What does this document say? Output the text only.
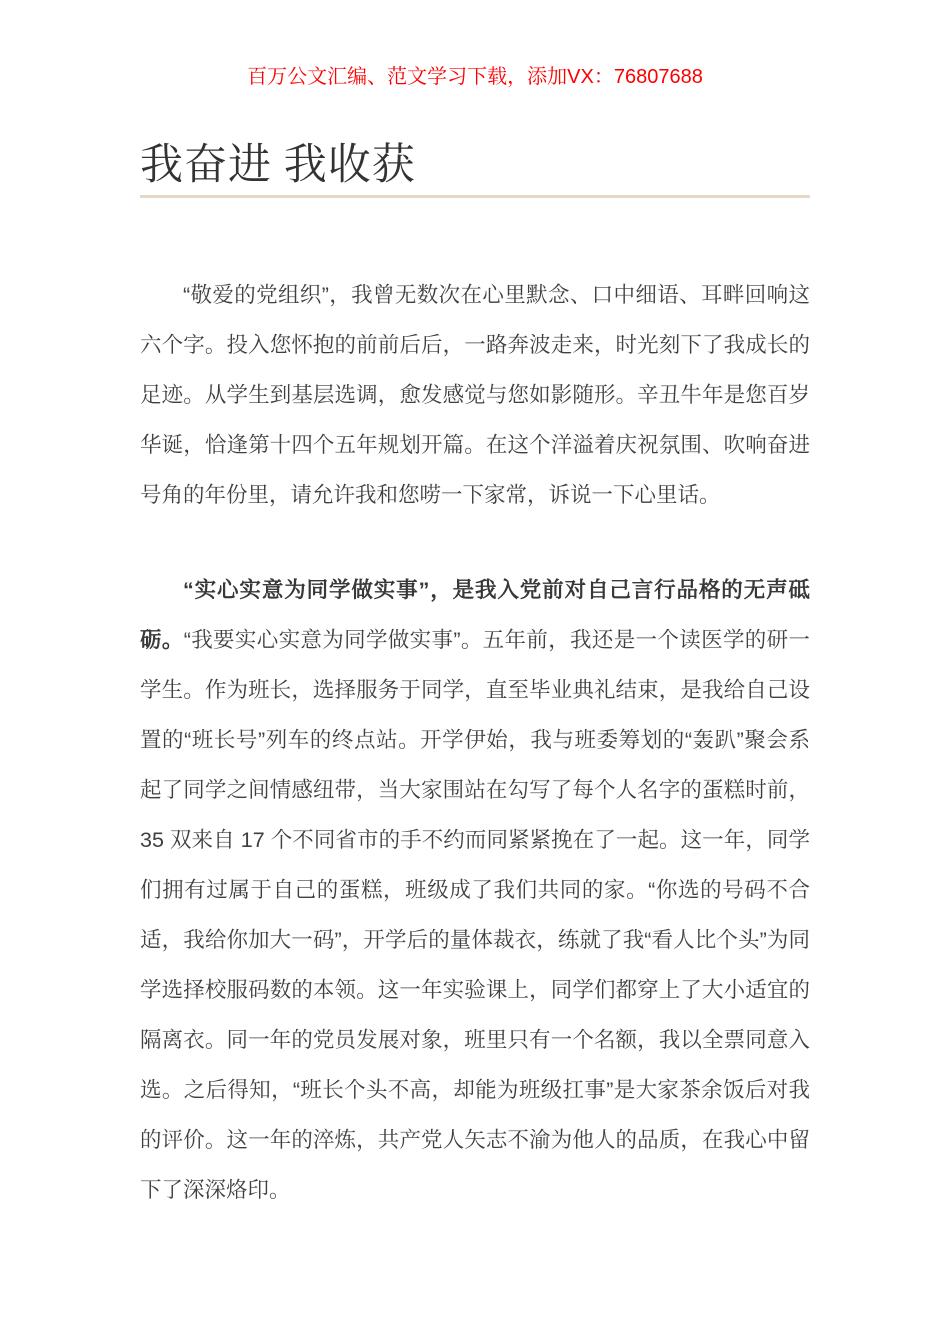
百万公文汇编、范文学习下载，添加VX：76807688
我奋进 我收获

“敬爱的党组织”，我曾无数次在心里默念、口中细语、耳畔回响这六个字。投入您怀抱的前前后后，一路奔波走来，时光刻下了我成长的足迹。从学生到基层选调，愈发感觉与您如影随形。辛丑牛年是您百岁华诞，恰逢第十四个五年规划开篇。在这个洋溢着庆祝氛围、吹响奋进号角的年份里，请允许我和您唠一下家常，诉说一下心里话。

“实心实意为同学做实事”，是我入党前对自己言行品格的无声砥砺。“我要实心实意为同学做实事”。五年前，我还是一个读医学的研一学生。作为班长，选择服务于同学，直至毕业典礼结束，是我给自己设置的“班长号”列车的终点站。开学伊始，我与班委筹划的“轰趴”聚会系起了同学之间情感纽带，当大家围站在勾写了每个人名字的蛋糕时前，35 双来自 17 个不同省市的手不约而同紧紧挽在了一起。这一年，同学们拥有过属于自己的蛋糕，班级成了我们共同的家。“你选的号码不合适，我给你加大一码”，开学后的量体裁衣，练就了我“看人比个头”为同学选择校服码数的本领。这一年实验课上，同学们都穿上了大小适宜的隔离衣。同一年的党员发展对象，班里只有一个名额，我以全票同意入选。之后得知，“班长个头不高，却能为班级扛事”是大家茶余饭后对我的评价。这一年的淬炼，共产党人矢志不渝为他人的品质，在我心中留下了深深烙印。
